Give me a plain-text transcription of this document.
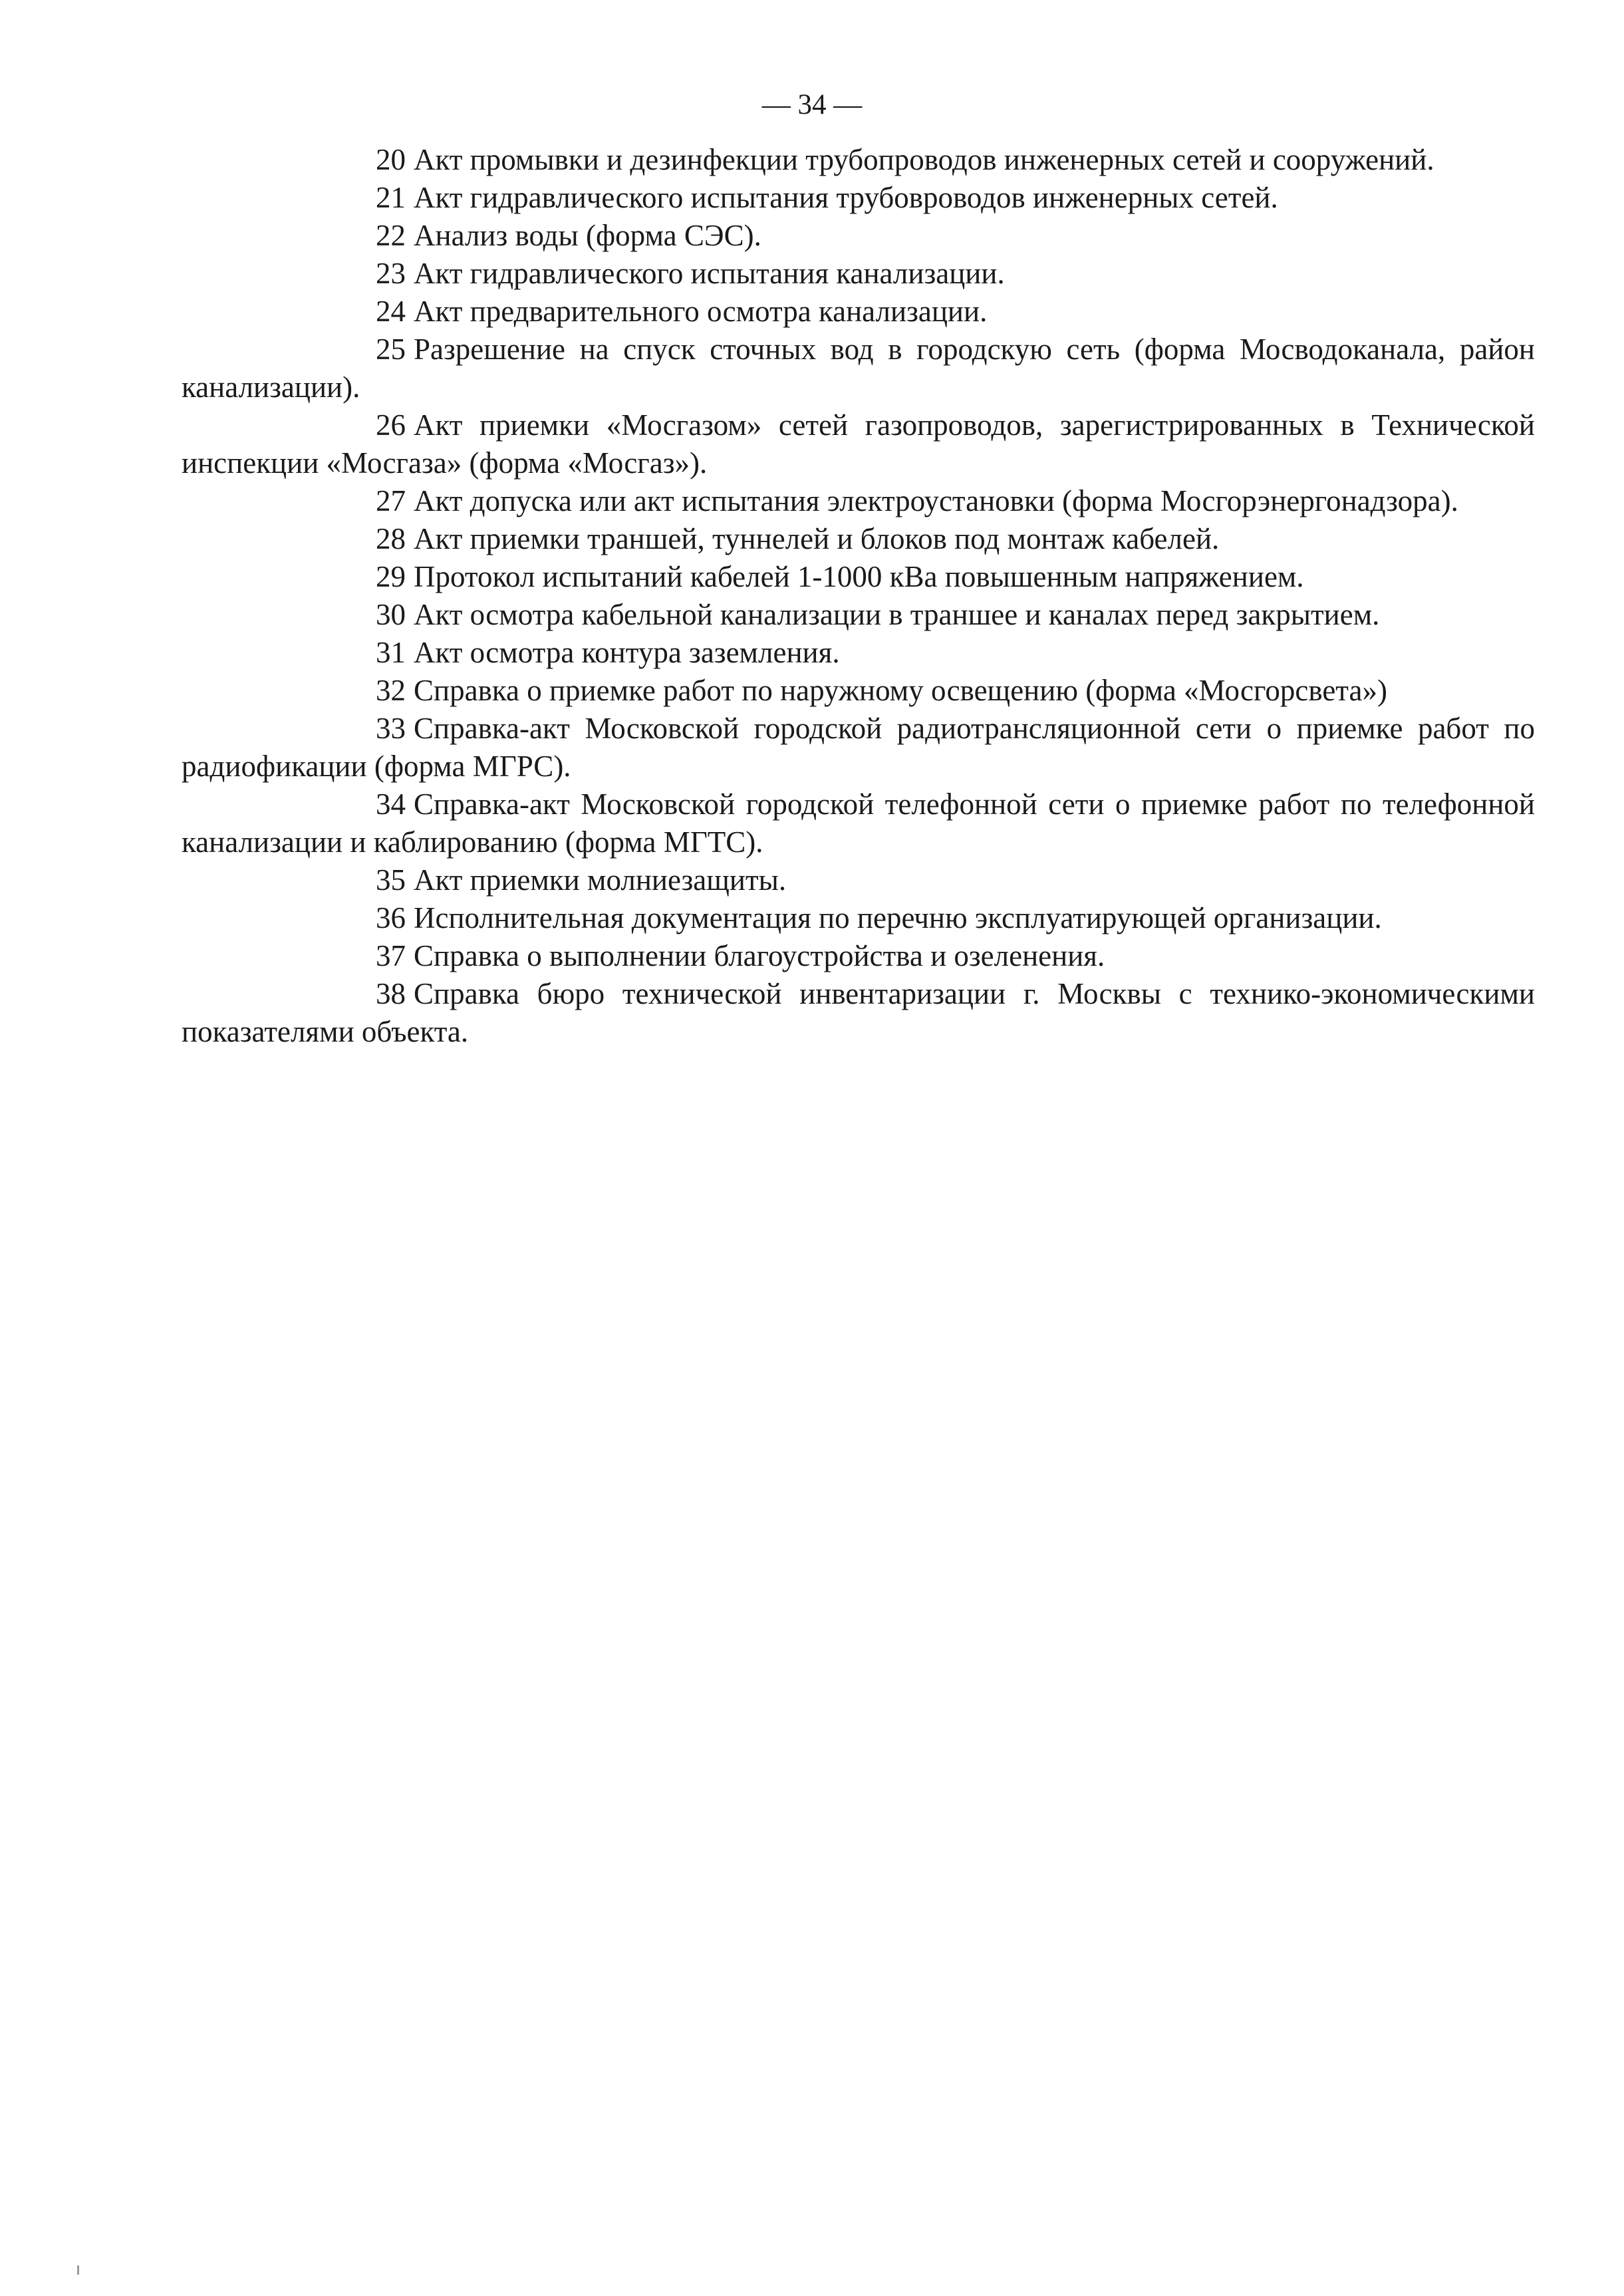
— 34 —

20 Акт промывки и дезинфекции трубопроводов инженерных сетей и сооружений.

21 Акт гидравлического испытания трубовроводов инженерных сетей.

22 Анализ воды (форма СЭС).

23 Акт гидравлического испытания канализации.

24 Акт предварительного осмотра канализации.

25 Разрешение на спуск сточных вод в городскую сеть (форма Мосводоканала, район канализации).

26 Акт приемки «Мосгазом» сетей газопроводов, зарегистрированных в Технической инспекции «Мосгаза» (форма «Мосгаз»).

27 Акт допуска или акт испытания электроустановки (форма Мосгорэнергонадзора).

28 Акт приемки траншей, туннелей и блоков под монтаж кабелей.

29 Протокол испытаний кабелей 1-1000 кВа повышенным напряжением.

30 Акт осмотра кабельной канализации в траншее и каналах перед закрытием.

31 Акт осмотра контура заземления.

32 Справка о приемке работ по наружному освещению (форма «Мосгорсвета»)

33 Справка-акт Московской городской радиотрансляционной сети о приемке работ по радиофикации (форма МГРС).

34 Справка-акт Московской городской телефонной сети о приемке работ по телефонной канализации и каблированию (форма МГТС).

35 Акт приемки молниезащиты.

36 Исполнительная документация по перечню эксплуатирующей организации.

37 Справка о выполнении благоустройства и озеленения.

38 Справка бюро технической инвентаризации г. Москвы с технико-экономическими показателями объекта.
